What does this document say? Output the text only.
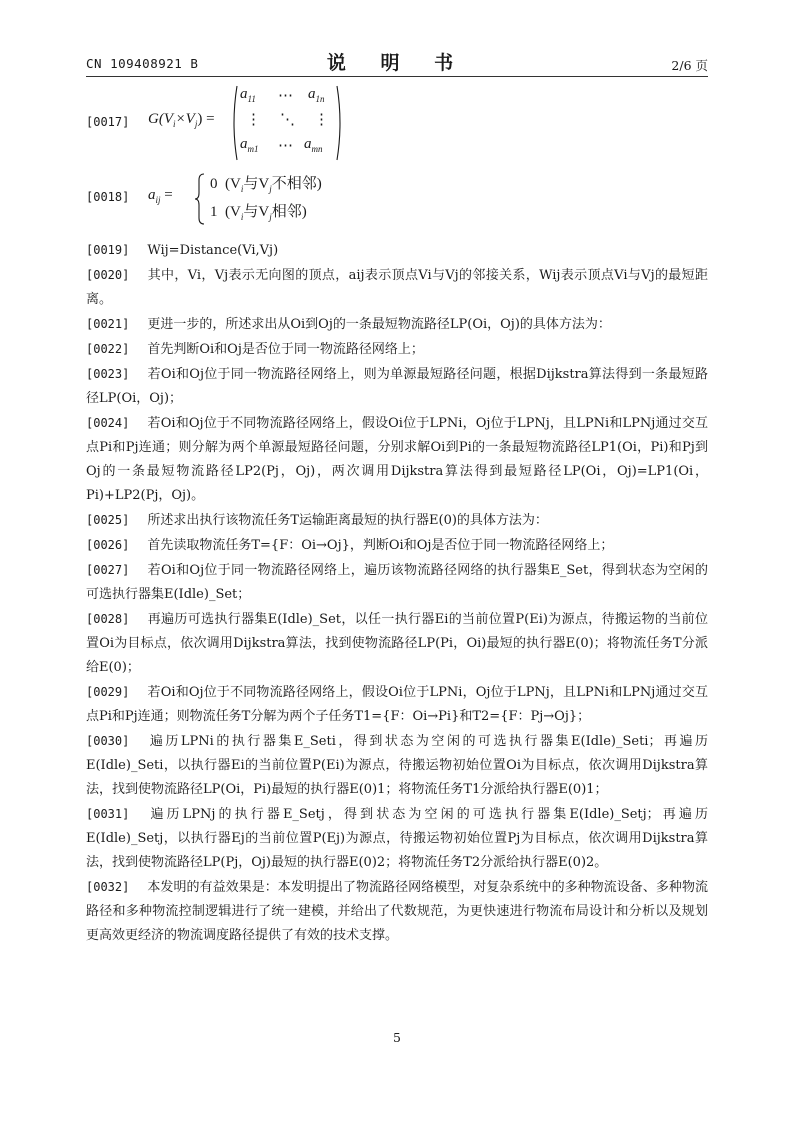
CN 109408921 B	说 明 书	2/6 页
[0017] $G(V_i\times V_j)$ =
$a_{11}$ ⋯ $a_{1n}$
⋮ ⋱ ⋮
$a_{m1}$ ⋯ $a_{mn}$
[0018] $a_{ij}$ =
0 ($V_i$与$V_j$不相邻)
1 ($V_i$与$V_j$相邻)

[0019] Wij=Distance(Vi,Vj)

[0020] 其中，Vi，Vj表示无向图的顶点，aij表示顶点Vi与Vj的邻接关系，Wij表示顶点Vi与Vj的最短距离。

[0021] 更进一步的，所述求出从Oi到Oj的一条最短物流路径LP(Oi，Oj)的具体方法为：

[0022] 首先判断Oi和Oj是否位于同一物流路径网络上；

[0023] 若Oi和Oj位于同一物流路径网络上，则为单源最短路径问题，根据Dijkstra算法得到一条最短路径LP(Oi，Oj)；

[0024] 若Oi和Oj位于不同物流路径网络上，假设Oi位于LPNi，Oj位于LPNj，且LPNi和LPNj通过交互点Pi和Pj连通；则分解为两个单源最短路径问题，分别求解Oi到Pi的一条最短物流路径LP1(Oi，Pi)和Pj到Oj的一条最短物流路径LP2(Pj，Oj)，两次调用Dijkstra算法得到最短路径LP(Oi，Oj)=LP1(Oi，Pi)+LP2(Pj，Oj)。

[0025] 所述求出执行该物流任务T运输距离最短的执行器E(0)的具体方法为：

[0026] 首先读取物流任务T={F：Oi→Oj}，判断Oi和Oj是否位于同一物流路径网络上；

[0027] 若Oi和Oj位于同一物流路径网络上，遍历该物流路径网络的执行器集E_Set，得到状态为空闲的可选执行器集E(Idle)_Set；

[0028] 再遍历可选执行器集E(Idle)_Set，以任一执行器Ei的当前位置P(Ei)为源点，待搬运物的当前位置Oi为目标点，依次调用Dijkstra算法，找到使物流路径LP(Pi，Oi)最短的执行器E(0)；将物流任务T分派给E(0)；

[0029] 若Oi和Oj位于不同物流路径网络上，假设Oi位于LPNi，Oj位于LPNj，且LPNi和LPNj通过交互点Pi和Pj连通；则物流任务T分解为两个子任务T1={F：Oi→Pi}和T2={F：Pj→Oj}；

[0030] 遍历LPNi的执行器集E_Seti，得到状态为空闲的可选执行器集E(Idle)_Seti；再遍历E(Idle)_Seti，以执行器Ei的当前位置P(Ei)为源点，待搬运物初始位置Oi为目标点，依次调用Dijkstra算法，找到使物流路径LP(Oi，Pi)最短的执行器E(0)1；将物流任务T1分派给执行器E(0)1；

[0031] 遍历LPNj的执行器E_Setj，得到状态为空闲的可选执行器集E(Idle)_Setj；再遍历E(Idle)_Setj，以执行器Ej的当前位置P(Ej)为源点，待搬运物初始位置Pj为目标点，依次调用Dijkstra算法，找到使物流路径LP(Pj，Oj)最短的执行器E(0)2；将物流任务T2分派给执行器E(0)2。

[0032] 本发明的有益效果是：本发明提出了物流路径网络模型，对复杂系统中的多种物流设备、多种物流路径和多种物流控制逻辑进行了统一建模，并给出了代数规范，为更快速进行物流布局设计和分析以及规划更高效更经济的物流调度路径提供了有效的技术支撑。

5
